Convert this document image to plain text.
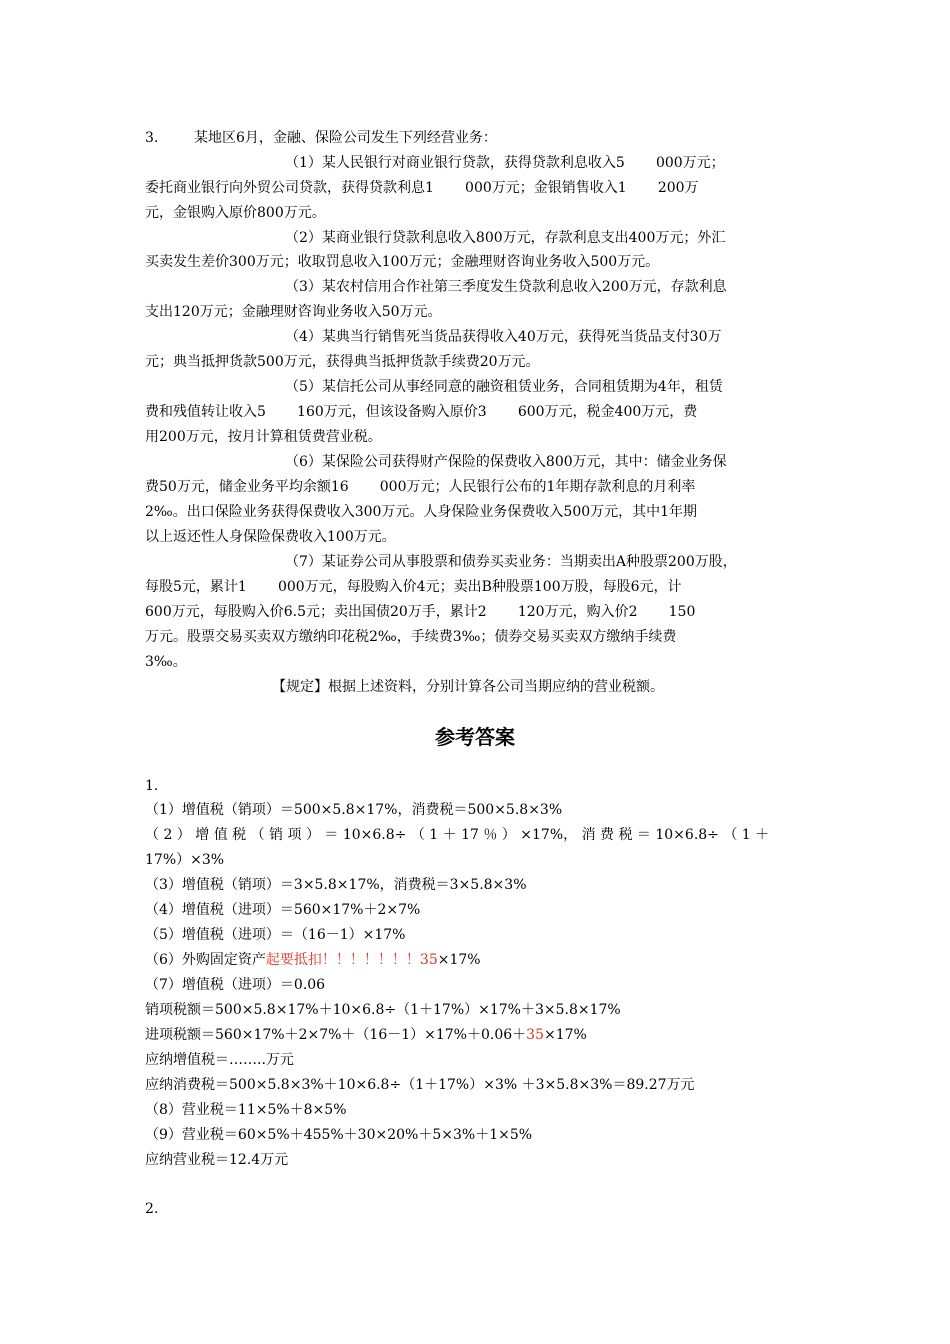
3.        某地区6月，金融、保险公司发生下列经营业务：
（1）某人民银行对商业银行贷款，获得贷款利息收入5       000万元；
委托商业银行向外贸公司贷款，获得贷款利息1       000万元；金银销售收入1       200万
元，金银购入原价800万元。
（2）某商业银行贷款利息收入800万元，存款利息支出400万元；外汇
买卖发生差价300万元；收取罚息收入100万元；金融理财咨询业务收入500万元。
（3）某农村信用合作社第三季度发生贷款利息收入200万元，存款利息
支出120万元；金融理财咨询业务收入50万元。
（4）某典当行销售死当货品获得收入40万元，获得死当货品支付30万
元；典当抵押货款500万元，获得典当抵押货款手续费20万元。
（5）某信托公司从事经同意的融资租赁业务，合同租赁期为4年，租赁
费和残值转让收入5       160万元，但该设备购入原价3       600万元，税金400万元，费
用200万元，按月计算租赁费营业税。
（6）某保险公司获得财产保险的保费收入800万元，其中：储金业务保
费50万元，储金业务平均余额16       000万元；人民银行公布的1年期存款利息的月利率
2‰。出口保险业务获得保费收入300万元。人身保险业务保费收入500万元，其中1年期
以上返还性人身保险保费收入100万元。
（7）某证券公司从事股票和债券买卖业务：当期卖出A种股票200万股，
每股5元，累计1       000万元，每股购入价4元；卖出B种股票100万股，每股6元，计
600万元，每股购入价6.5元；卖出国债20万手，累计2       120万元，购入价2       150
万元。股票交易买卖双方缴纳印花税2‰，手续费3‰；债券交易买卖双方缴纳手续费
3‰。
【规定】根据上述资料，分别计算各公司当期应纳的营业税额。
参考答案
1.
（1）增值税（销项）＝500×5.8×17%，消费税＝500×5.8×3%
（ 2 ） 增 值 税 （ 销 项 ） ＝ 10×6.8÷ （ 1 ＋ 17 ％ ） ×17%， 消 费 税 ＝ 10×6.8÷ （ 1 ＋
17%）×3%
（3）增值税（销项）＝3×5.8×17%，消费税＝3×5.8×3%
（4）增值税（进项）＝560×17%＋2×7%
（5）增值税（进项）＝（16－1）×17%
（6）外购固定资产起要抵扣！！！！！！！35×17%
（7）增值税（进项）＝0.06
销项税额＝500×5.8×17%＋10×6.8÷（1＋17%）×17%＋3×5.8×17%
进项税额＝560×17%＋2×7%＋（16－1）×17%＋0.06＋35×17%
应纳增值税＝……..万元
应纳消费税＝500×5.8×3%＋10×6.8÷（1＋17%）×3% ＋3×5.8×3%＝89.27万元
（8）营业税＝11×5%＋8×5%
（9）营业税＝60×5%＋455%＋30×20%＋5×3%＋1×5%
应纳营业税＝12.4万元
2.
